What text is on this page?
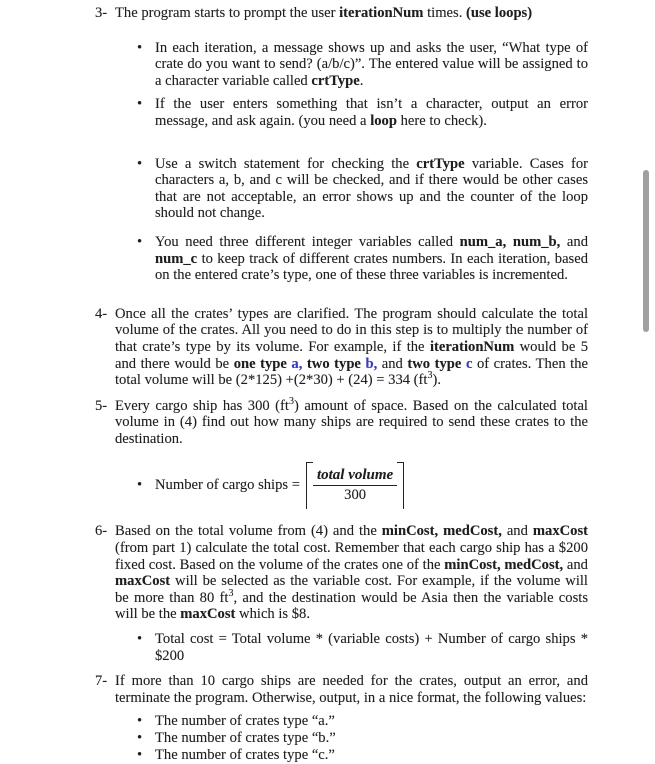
3- The program starts to prompt the user iterationNum times. (use loops)

•

In each iteration, a message shows up and asks the user, “What type of crate do you want to send? (a/b/c)”. The entered value will be assigned to a character variable called crtType.

•

If the user enters something that isn’t a character, output an error message, and ask again. (you need a loop here to check).

•

Use a switch statement for checking the crtType variable. Cases for characters a, b, and c will be checked, and if there would be other cases that are not acceptable, an error shows up and the counter of the loop should not change.

•

You need three different integer variables called num_a, num_b, and num_c to keep track of different crates numbers. In each iteration, based on the entered crate’s type, one of these three variables is incremented.

4- Once all the crates’ types are clarified. The program should calculate the total volume of the crates. All you need to do in this step is to multiply the number of that crate’s type by its volume. For example, if the iterationNum would be 5 and there would be one type a, two type b, and two type c of crates. Then the total volume will be (2*125) +(2*30) + (24) = 334 $(ft^3)$.

5- Every cargo ship has 300 $(ft^3)$ amount of space. Based on the calculated total volume in (4) find out how many ships are required to send these crates to the destination.

•
Number of cargo ships = $\frac{\text{total volume}}{300}$
6- Based on the total volume from (4) and the minCost, medCost, and maxCost (from part 1) calculate the total cost. Remember that each cargo ship has a $200 fixed cost. Based on the volume of the crates one of the minCost, medCost, and maxCost will be selected as the variable cost. For example, if the volume will be more than 80 $ft^3$, and the destination would be Asia then the variable costs will be the maxCost which is $8.

•

Total cost = Total volume * (variable costs) + Number of cargo ships * $200

7- If more than 10 cargo ships are needed for the crates, output an error, and terminate the program. Otherwise, output, in a nice format, the following values:

•

The number of crates type “a.”

•

The number of crates type “b.”

•

The number of crates type “c.”
